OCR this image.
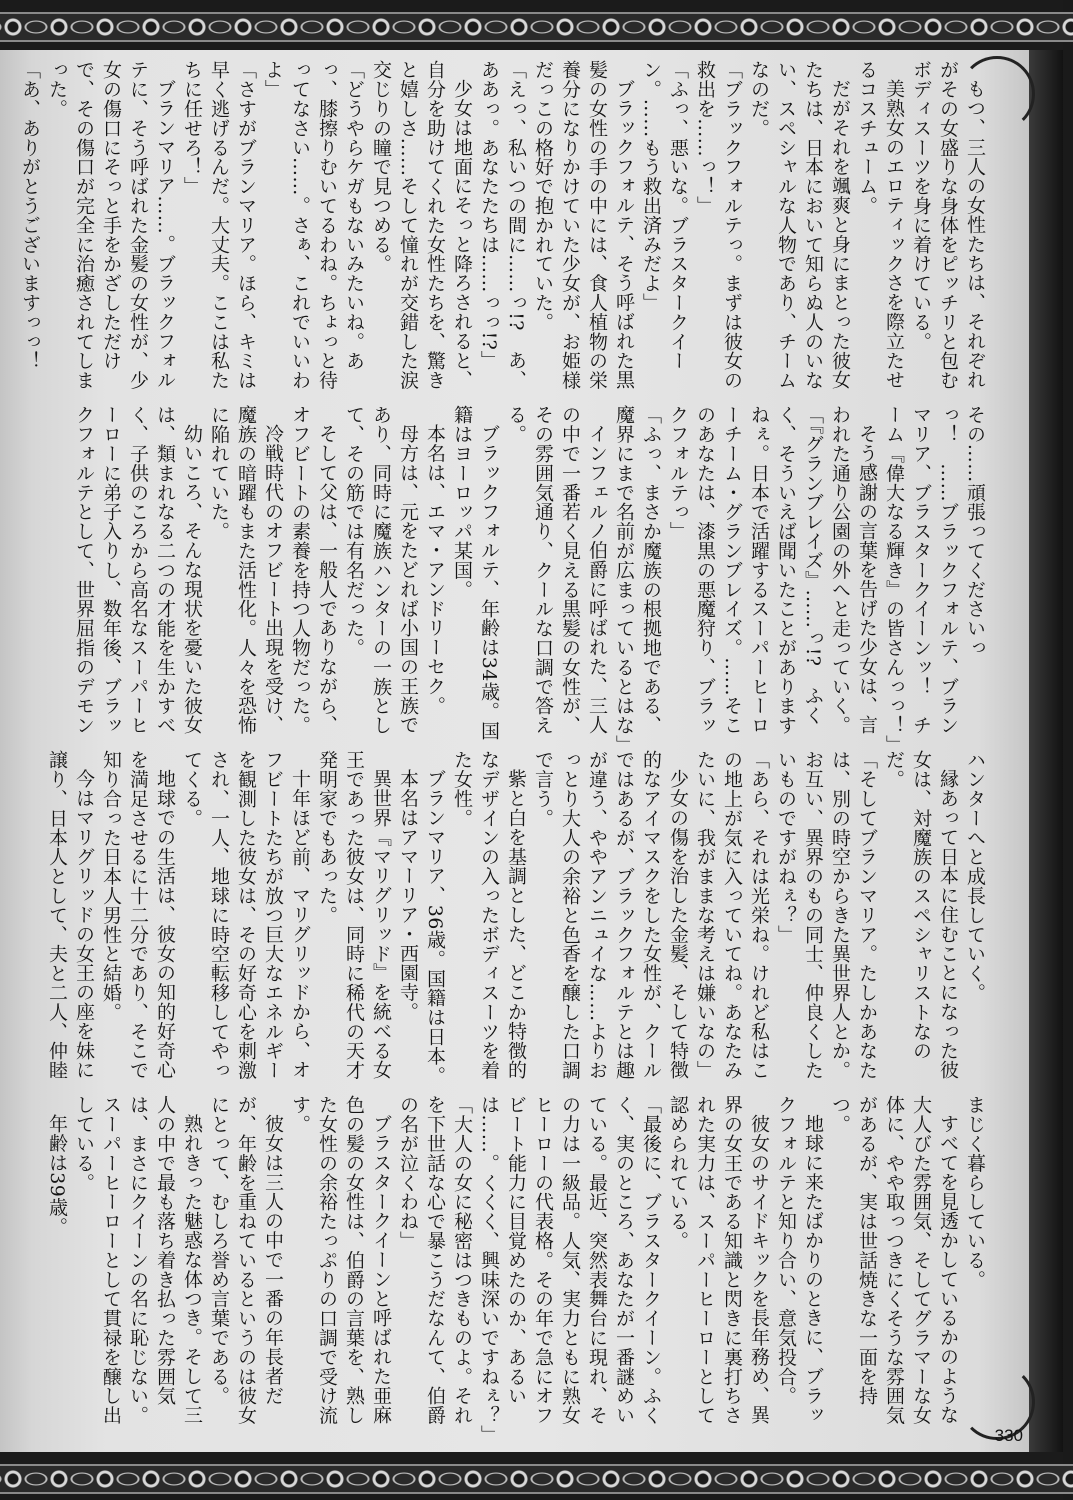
もつ、三人の女性たちは、それぞれがその女盛りな身体をピッチリと包むボディスーツを身に着けている。

美熟女のエロティックさを際立たせるコスチューム。

だがそれを颯爽と身にまとった彼女たちは、日本において知らぬ人のいない、スペシャルな人物であり、チームなのだ。

「ブラックフォルテっ。まずは彼女の救出を……っ！」

「ふっ、悪いな。ブラスタークイーン。……もう救出済みだよ」

ブラックフォルテ、そう呼ばれた黒髪の女性の手の中には、食人植物の栄養分になりかけていた少女が、お姫様だっこの格好で抱かれていた。

「えっ、私いつの間に……っ!?　あ、ああっ。あなたたちは……っっ!?」

少女は地面にそっと降ろされると、自分を助けてくれた女性たちを、驚きと嬉しさ……そして憧れが交錯した涙交じりの瞳で見つめる。

「どうやらケガもないみたいね。あっ、膝擦りむいてるわね。ちょっと待ってなさい……。さぁ、これでいいわよ」

「さすがブランマリア。ほら、キミは早く逃げるんだ。大丈夫。ここは私たちに任せろ！」

ブランマリア……。ブラックフォルテに、そう呼ばれた金髪の女性が、少女の傷口にそっと手をかざしただけで、その傷口が完全に治癒されてしまった。

「あ、ありがとうございますっっ！

その……頑張ってくださいっっ！　……ブラックフォルテ、ブランマリア、ブラスタークイーンッ！　チーム『偉大なる輝き』の皆さんっっ！」

そう感謝の言葉を告げた少女は、言われた通り公園の外へと走っていく。

「『グランブレイズ』……っ!?　ふくく、そういえば聞いたことがありますねぇ。日本で活躍するスーパーヒーローチーム・グランブレイズ。……そこのあなたは、漆黒の悪魔狩り、ブラックフォルテっ」

「ふっ、まさか魔族の根拠地である、魔界にまで名前が広まっているとはな」

インフェルノ伯爵に呼ばれた、三人の中で一番若く見える黒髪の女性が、その雰囲気通り、クールな口調で答える。

ブラックフォルテ、年齢は34歳。国籍はヨーロッパ某国。

本名は、エマ・アンドリーセク。

母方は、元をたどれば小国の王族であり、同時に魔族ハンターの一族として、その筋では有名だった。

そして父は、一般人でありながら、オフビートの素養を持つ人物だった。

冷戦時代のオフビート出現を受け、魔族の暗躍もまた活性化。人々を恐怖に陥れていた。

幼いころ、そんな現状を憂いた彼女は、類まれなる二つの才能を生かすべく、子供のころから高名なスーパーヒーローに弟子入りし、数年後、ブラックフォルテとして、世界屈指のデモン

ハンターへと成長していく。

縁あって日本に住むことになった彼女は、対魔族のスペシャリストなのだ。

「そしてブランマリア。たしかあなたは、別の時空からきた異世界人とか。お互い、異界のもの同士、仲良くしたいものですがねぇ？」

「あら、それは光栄ね。けれど私はこの地上が気に入っていてね。あなたみたいに、我がままな考えは嫌いなの」

少女の傷を治した金髪、そして特徴的なアイマスクをした女性が、クールではあるが、ブラックフォルテとは趣が違う、ややアンニュイな……よりおっとり大人の余裕と色香を醸した口調で言う。

紫と白を基調とした、どこか特徴的なデザインの入ったボディスーツを着た女性。

ブランマリア、36歳。国籍は日本。

本名はアマーリア・西園寺。

異世界『マリグリッド』を統べる女王であった彼女は、同時に稀代の天才発明家でもあった。

十年ほど前、マリグリッドから、オフビートたちが放つ巨大なエネルギーを観測した彼女は、その好奇心を刺激され、一人、地球に時空転移してやってくる。

地球での生活は、彼女の知的好奇心を満足させるに十二分であり、そこで知り合った日本人男性と結婚。

今はマリグリッドの女王の座を妹に譲り、日本人として、夫と二人、仲睦

まじく暮らしている。

すべてを見透かしているかのような大人びた雰囲気、そしてグラマーな女体に、やや取っつきにくそうな雰囲気があるが、実は世話焼きな一面を持つ。

地球に来たばかりのときに、ブラックフォルテと知り合い、意気投合。

彼女のサイドキックを長年務め、異界の女王である知識と閃きに裏打ちされた実力は、スーパーヒーローとして認められている。

「最後に、ブラスタークイーン。ふくく、実のところ、あなたが一番謎めいている。最近、突然表舞台に現れ、その力は一級品。人気、実力ともに熟女ヒーローの代表格。その年で急にオフビート能力に目覚めたのか、あるいは……。くくく、興味深いですねぇ？」

「大人の女に秘密はつきものよ。それを下世話な心で暴こうだなんて、伯爵の名が泣くわね」

ブラスタークイーンと呼ばれた亜麻色の髪の女性は、伯爵の言葉を、熟した女性の余裕たっぷりの口調で受け流す。

彼女は三人の中で一番の年長者だが、年齢を重ねているというのは彼女にとって、むしろ誉め言葉である。

熟れきった魅惑な体つき。そして三人の中で最も落ち着き払った雰囲気は、まさにクイーンの名に恥じない。スーパーヒーローとして貫禄を醸し出している。

年齢は39歳。

330
